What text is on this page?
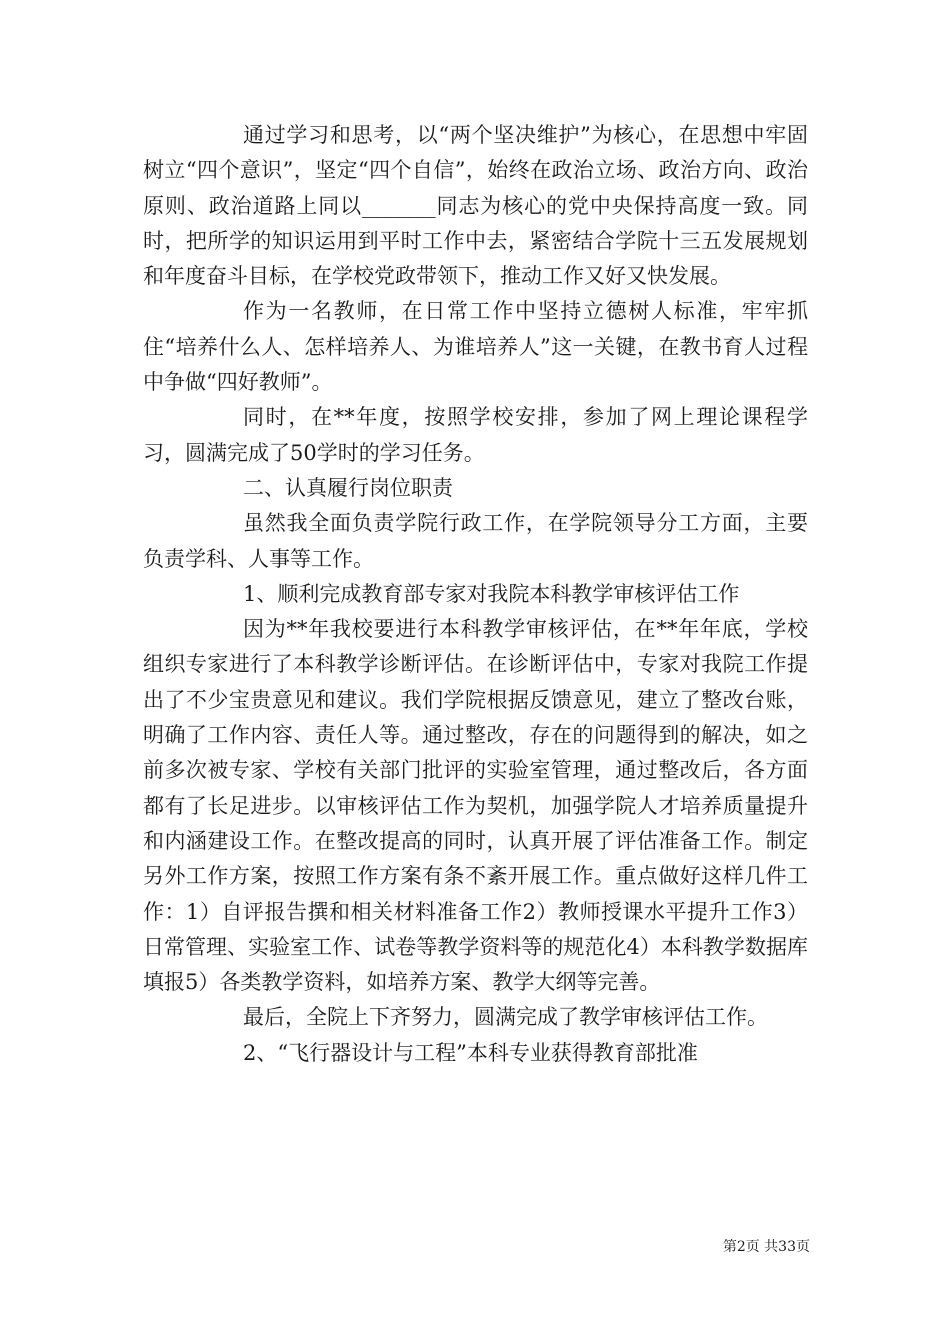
通过学习和思考，以“两个坚决维护”为核心，在思想中牢固树立“四个意识”，坚定“四个自信”，始终在政治立场、政治方向、政治原则、政治道路上同以_______同志为核心的党中央保持高度一致。同时，把所学的知识运用到平时工作中去，紧密结合学院十三五发展规划和年度奋斗目标，在学校党政带领下，推动工作又好又快发展。

作为一名教师，在日常工作中坚持立德树人标准，牢牢抓住“培养什么人、怎样培养人、为谁培养人”这一关键，在教书育人过程中争做“四好教师”。

同时，在**年度，按照学校安排，参加了网上理论课程学习，圆满完成了50学时的学习任务。

二、认真履行岗位职责

虽然我全面负责学院行政工作，在学院领导分工方面，主要负责学科、人事等工作。

1、顺利完成教育部专家对我院本科教学审核评估工作

因为**年我校要进行本科教学审核评估，在**年年底，学校组织专家进行了本科教学诊断评估。在诊断评估中，专家对我院工作提出了不少宝贵意见和建议。我们学院根据反馈意见，建立了整改台账，明确了工作内容、责任人等。通过整改，存在的问题得到的解决，如之前多次被专家、学校有关部门批评的实验室管理，通过整改后，各方面都有了长足进步。以审核评估工作为契机，加强学院人才培养质量提升和内涵建设工作。在整改提高的同时，认真开展了评估准备工作。制定另外工作方案，按照工作方案有条不紊开展工作。重点做好这样几件工作：1）自评报告撰和相关材料准备工作2）教师授课水平提升工作3）日常管理、实验室工作、试卷等教学资料等的规范化4）本科教学数据库填报5）各类教学资料，如培养方案、教学大纲等完善。

最后，全院上下齐努力，圆满完成了教学审核评估工作。

2、“飞行器设计与工程”本科专业获得教育部批准

第2页 共33页
